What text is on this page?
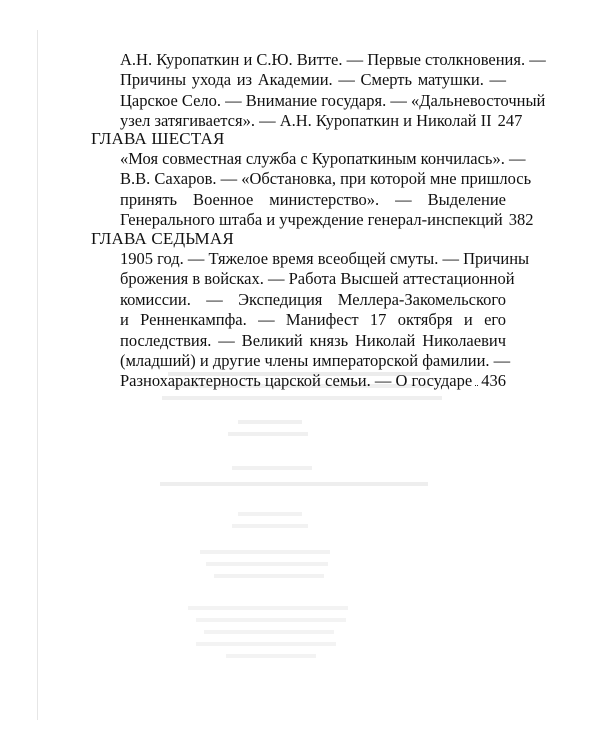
А.Н. Куропаткин и С.Ю. Витте. — Первые столкновения. —
Причины ухода из Академии. — Смерть матушки. —
Царское Село. — Внимание государя. — «Дальневосточный
узел затягивается». — А.Н. Куропаткин и Николай II 247
ГЛАВА ШЕСТАЯ
«Моя совместная служба с Куропаткиным кончилась». —
В.В. Сахаров. — «Обстановка, при которой мне пришлось
принять Военное министерство». — Выделение
Генерального штаба и учреждение генерал-инспекций 382
ГЛАВА СЕДЬМАЯ
1905 год. — Тяжелое время всеобщей смуты. — Причины
брожения в войсках. — Работа Высшей аттестационной
комиссии. — Экспедиция Меллера-Закомельского
и Ренненкампфа. — Манифест 17 октября и его
последствия. — Великий князь Николай Николаевич
(младший) и другие члены императорской фамилии. —
Разнохарактерность царской семьи. — О государе 436
